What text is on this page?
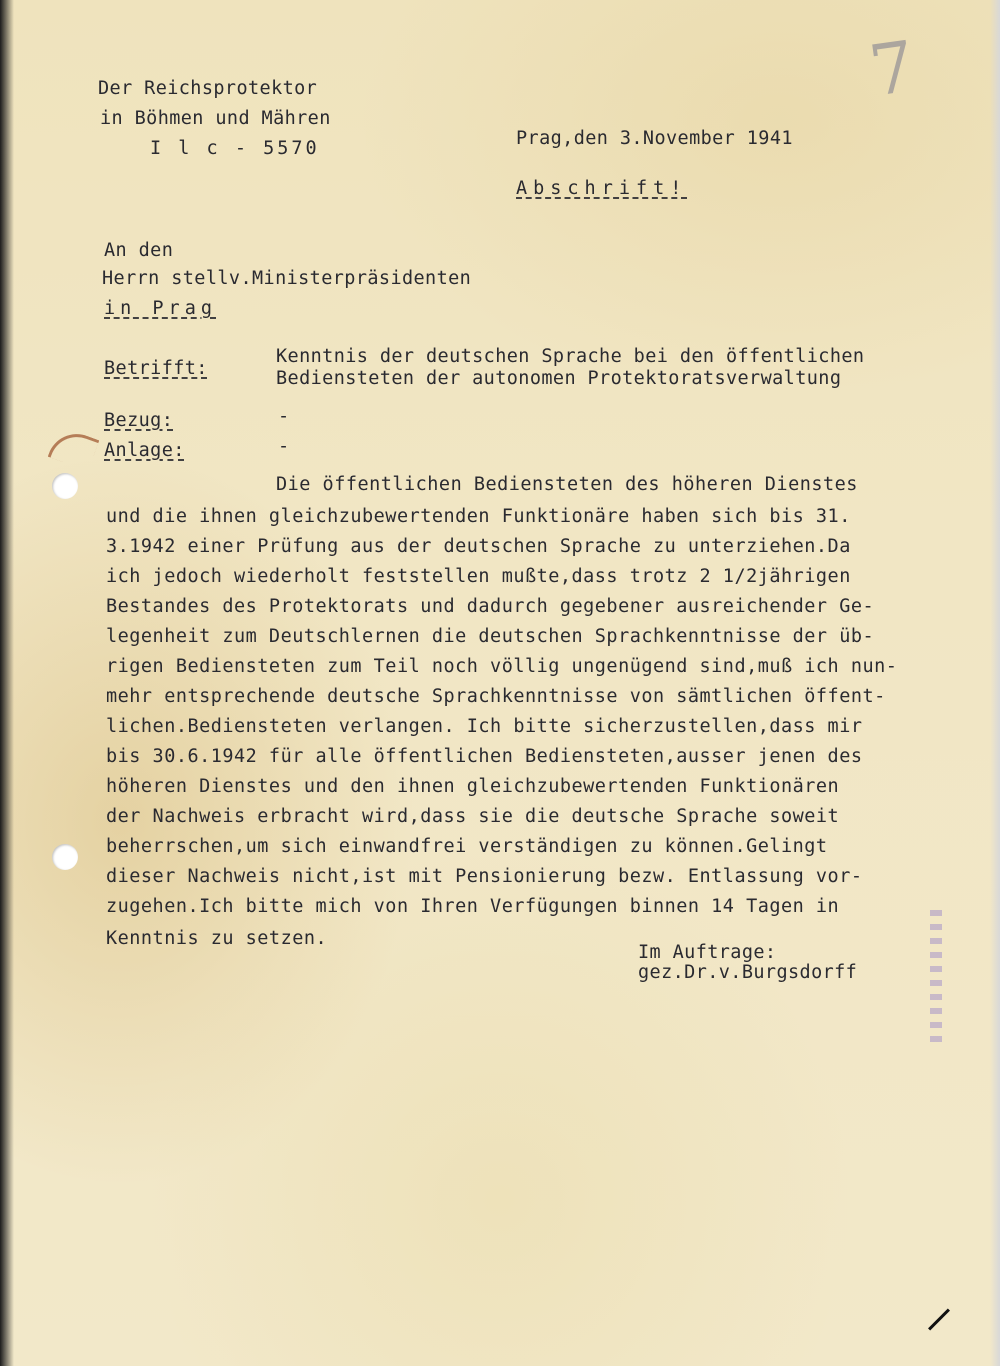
7
Der Reichsprotektor
in Böhmen und Mähren
I l c - 5570	Prag,den 3.November 1941
Abschrift!
An den
Herrn stellv.Ministerpräsidenten
in Prag
Betrifft:
Kenntnis der deutschen Sprache bei den öffentlichen
Bediensteten der autonomen Protektoratsverwaltung
Bezug:	-
Anlage:	-
Die öffentlichen Bediensteten des höheren Dienstes
und die ihnen gleichzubewertenden Funktionäre haben sich bis 31.
3.1942 einer Prüfung aus der deutschen Sprache zu unterziehen.Da
ich jedoch wiederholt feststellen mußte,dass trotz 2 1/2jährigen
Bestandes des Protektorats und dadurch gegebener ausreichender Ge-
legenheit zum Deutschlernen die deutschen Sprachkenntnisse der üb-
rigen Bediensteten zum Teil noch völlig ungenügend sind,muß ich nun-
mehr entsprechende deutsche Sprachkenntnisse von sämtlichen öffent-
lichen.Bediensteten verlangen. Ich bitte sicherzustellen,dass mir
bis 30.6.1942 für alle öffentlichen Bediensteten,ausser jenen des
höheren Dienstes und den ihnen gleichzubewertenden Funktionären
der Nachweis erbracht wird,dass sie die deutsche Sprache soweit
beherrschen,um sich einwandfrei verständigen zu können.Gelingt
dieser Nachweis nicht,ist mit Pensionierung bezw. Entlassung vor-
zugehen.Ich bitte mich von Ihren Verfügungen binnen 14 Tagen in
Kenntnis zu setzen.
Im Auftrage:
gez.Dr.v.Burgsdorff
